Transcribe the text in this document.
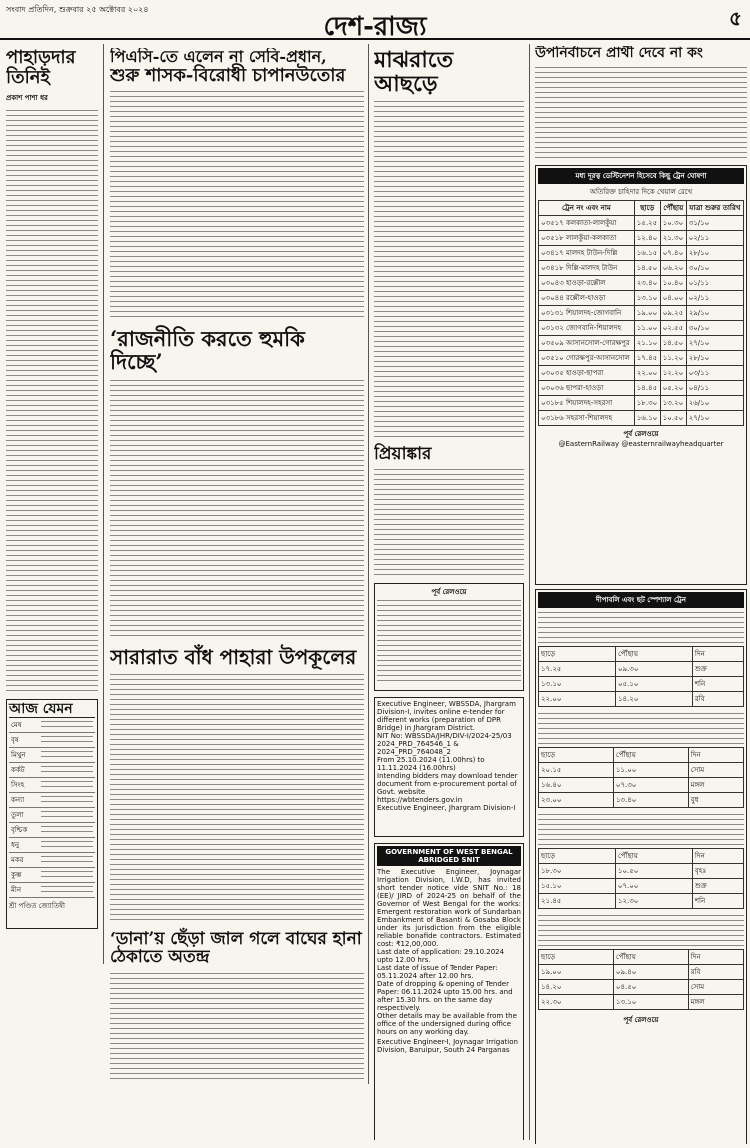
সংবাদ প্রতিদিন, শুক্রবার ২৫ অক্টোবর ২০২৪
দেশ-রাজ্য	৫
পাহাড়দার
তিনিই
প্রকাশ পাশা ধর
আজ যেমন
মেষ
বৃষ
মিথুন
কর্কট
সিংহ
কন্যা
তুলা
বৃশ্চিক
ধনু
মকর
কুম্ভ
মীন
শ্রী পণ্ডিত জ্যোতিষী
পিএসি-তে এলেন না সেবি-প্রধান,
শুরু শাসক-বিরোধী চাপানউতোর
‘রাজনীতি করতে হুমকি দিচ্ছে’
সারারাত বাঁধ পাহারা উপকূলের
‘ডানা’য় ছেঁড়া জাল গলে বাঘের হানা ঠেকাতে অতন্দ্র
মাঝরাতে আছড়ে
প্রিয়াঙ্কার
পূর্ব রেলওয়ে
Executive Engineer, WBSSDA, Jhargram Division-I, invites online e-tender for different works (preparation of DPR Bridge) in Jhargram District.
NIT No: WBSSDA/JHR/DIV-I/2024-25/03
2024_PRD_764546_1 & 2024_PRD_764048_2
From 25.10.2024 (11.00hrs) to 11.11.2024 (16.00hrs)
Intending bidders may download tender document from e-procurement portal of Govt. website
https://wbtenders.gov.in
Executive Engineer, Jhargram Division-I
GOVERNMENT OF WEST BENGAL ABRIDGED SNIT
The Executive Engineer, Joynagar Irrigation Division, I.W.D, has invited short tender notice vide SNIT No.: 18 (EE)/ JIRD of 2024-25 on behalf of the Governor of West Bengal for the works: Emergent restoration work of Sundarban Embankment of Basanti & Gosaba Block under its jurisdiction from the eligible reliable bonafide contractors. Estimated cost: ₹12,00,000.
Last date of application: 29.10.2024 upto 12.00 hrs.
Last date of issue of Tender Paper: 05.11.2024 after 12.00 hrs.
Date of dropping & opening of Tender Paper: 06.11.2024 upto 15.00 hrs. and after 15.30 hrs. on the same day respectively.
Other details may be available from the office of the undersigned during office hours on any working day.
Executive Engineer-I, Joynagar Irrigation Division, Baruipur, South 24 Parganas
উপনির্বাচনে প্রার্থী দেবে না কং
মধ্য দূরত্ব ডেস্টিনেশন হিসেবে কিছু ট্রেন ঘোষণা
অতিরিক্ত চাহিদার দিকে খেয়াল রেখে
ট্রেন নং এবং নাম	ছাড়ে	পৌঁছায়	যাত্রা শুরুর তারিখ
০৩৫১৭ কলকাতা-লালকুঁয়া	১৫.২৫	১০.৩০	৩১/১০
০৩৫১৮ লালকুঁয়া-কলকাতা	১২.৪০	২১.৩০	০২/১১
০৩৪১৭ মালদহ টাউন-দিল্লি	১৬.১৫	০৭.৪০	২৮/১০
০৩৪১৮ দিল্লি-মালদহ টাউন	১৪.৫০	০৬.২০	৩০/১০
০৩০৪৩ হাওড়া-রক্সৌল	২৩.৪০	১০.৪০	০১/১১
০৩০৪৪ রক্সৌল-হাওড়া	১৩.১০	০৪.০০	০২/১১
০৩১৩১ শিয়ালদহ-জোগবানি	১৯.০০	০৯.২৫	২৯/১০
০৩১৩২ জোগবানি-শিয়ালদহ	১১.০০	০২.৫৫	৩০/১০
০৩৫০৯ আসানসোল-গোরক্ষপুর	২১.১০	১৪.৫০	২৭/১০
০৩৫১০ গোরক্ষপুর-আসানসোল	১৭.৪৫	১১.২০	২৮/১০
০৩০৩৫ হাওড়া-ছাপরা	২২.০০	১২.২০	০৩/১১
০৩০৩৬ ছাপরা-হাওড়া	১৪.৪৫	০৫.২০	০৪/১১
০৩১৮৫ শিয়ালদহ-সহরসা	১৮.৩০	১৩.২০	২৬/১০
০৩১৮৬ সহরসা-শিয়ালদহ	১৬.১০	১০.৫০	২৭/১০
পূর্ব রেলওয়ে
@EasternRailway @easternrailwayheadquarter
দীপাবলি এবং ছট স্পেশ্যাল ট্রেন
ছাড়ে	পৌঁছায়	দিন
১৭.২৫	০৯.৩০	শুক্র
১৩.১০	০৫.১০	শনি
২২.০০	১৪.২০	রবি
ছাড়ে	পৌঁছায়	দিন
২০.১৫	১১.০০	সোম
১৬.৪০	০৭.৩০	মঙ্গল
২৩.০০	১৩.৪০	বুধ
ছাড়ে	পৌঁছায়	দিন
১৮.৩০	১০.৫০	বৃহঃ
১৫.১০	০৭.০০	শুক্র
২১.৪৫	১২.৩০	শনি
ছাড়ে	পৌঁছায়	দিন
১৯.০০	০৯.৪০	রবি
১৪.২০	০৪.৫০	সোম
২২.৩০	১৩.১০	মঙ্গল
পূর্ব রেলওয়ে
